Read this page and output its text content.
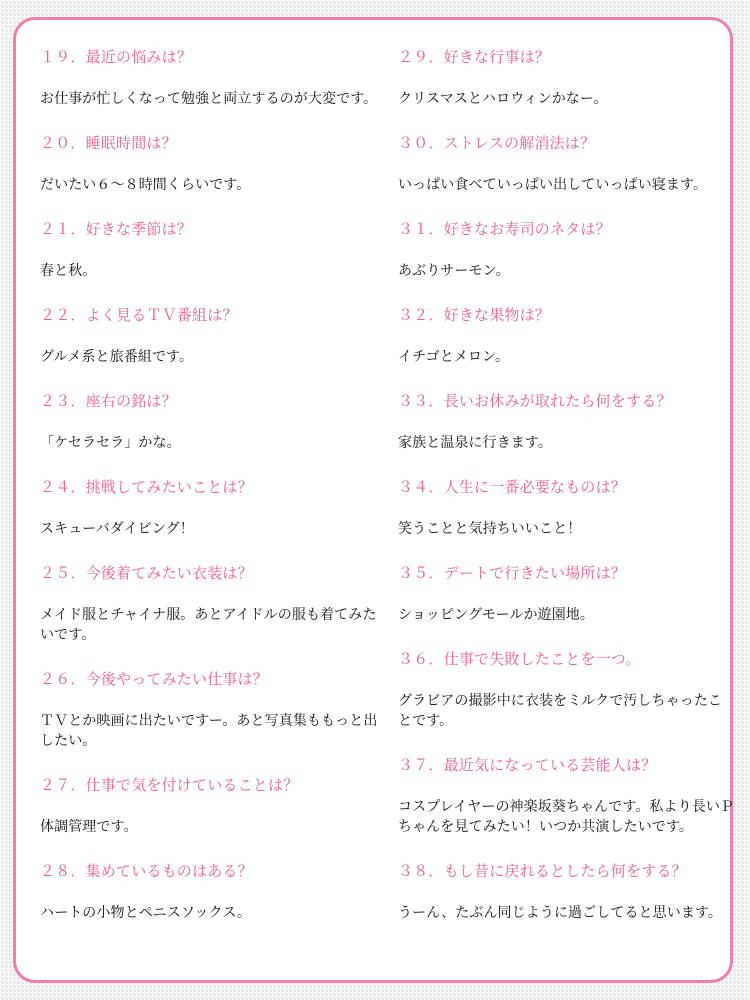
１９．最近の悩みは？
お仕事が忙しくなって勉強と両立するのが大変です。
２０．睡眠時間は？
だいたい６～８時間くらいです。
２１．好きな季節は？
春と秋。
２２．よく見るＴＶ番組は？
グルメ系と旅番組です。
２３．座右の銘は？
「ケセラセラ」かな。
２４．挑戦してみたいことは？
スキューバダイビング！
２５．今後着てみたい衣装は？
メイド服とチャイナ服。あとアイドルの服も着てみたいです。
２６．今後やってみたい仕事は？
ＴＶとか映画に出たいですー。あと写真集ももっと出したい。
２７．仕事で気を付けていることは？
体調管理です。
２８．集めているものはある？
ハートの小物とペニスソックス。
２９．好きな行事は？
クリスマスとハロウィンかなー。
３０．ストレスの解消法は？
いっぱい食べていっぱい出していっぱい寝ます。
３１．好きなお寿司のネタは？
あぶりサーモン。
３２．好きな果物は？
イチゴとメロン。
３３．長いお休みが取れたら何をする？
家族と温泉に行きます。
３４．人生に一番必要なものは？
笑うことと気持ちいいこと！
３５．デートで行きたい場所は？
ショッピングモールか遊園地。
３６．仕事で失敗したことを一つ。
グラビアの撮影中に衣装をミルクで汚しちゃったことです。
３７．最近気になっている芸能人は？
コスプレイヤーの神楽坂葵ちゃんです。私より長いＰちゃんを見てみたい！いつか共演したいです。
３８．もし昔に戻れるとしたら何をする？
うーん、たぶん同じように過ごしてると思います。
